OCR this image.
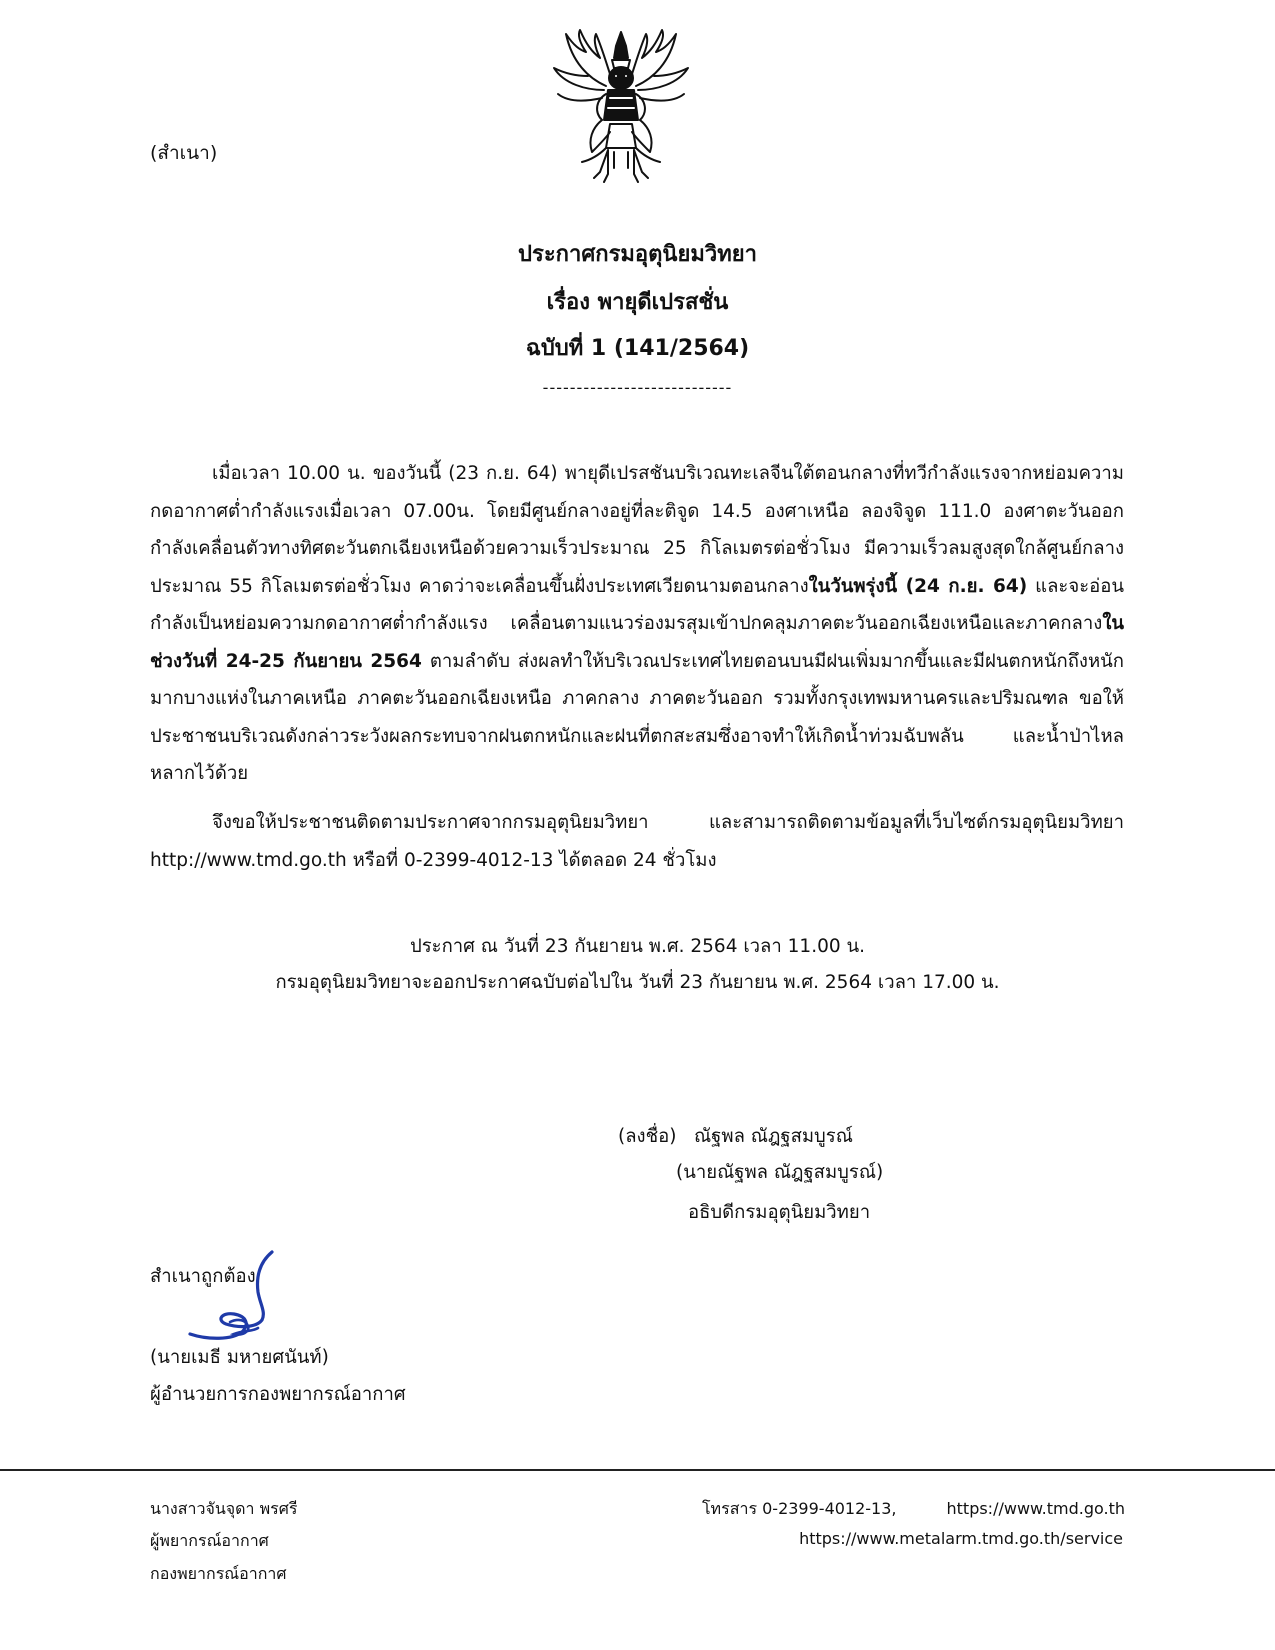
(สำเนา)
ประกาศกรมอุตุนิยมวิทยา
เรื่อง พายุดีเปรสชั่น
ฉบับที่ 1 (141/2564)
----------------------------

เมื่อเวลา 10.00 น. ของวันนี้ (23 ก.ย. 64) พายุดีเปรสชันบริเวณทะเลจีนใต้ตอนกลางที่ทวีกำลังแรงจากหย่อมความกดอากาศต่ำกำลังแรงเมื่อเวลา 07.00น. โดยมีศูนย์กลางอยู่ที่ละติจูด 14.5 องศาเหนือ ลองจิจูด 111.0 องศาตะวันออก กำลังเคลื่อนตัวทางทิศตะวันตกเฉียงเหนือด้วยความเร็วประมาณ 25 กิโลเมตรต่อชั่วโมง มีความเร็วลมสูงสุดใกล้ศูนย์กลางประมาณ 55 กิโลเมตรต่อชั่วโมง คาดว่าจะเคลื่อนขึ้นฝั่งประเทศเวียดนามตอนกลางในวันพรุ่งนี้ (24 ก.ย. 64) และจะอ่อนกำลังเป็นหย่อมความกดอากาศต่ำกำลังแรง เคลื่อนตามแนวร่องมรสุมเข้าปกคลุมภาคตะวันออกเฉียงเหนือและภาคกลางในช่วงวันที่ 24-25 กันยายน 2564 ตามลำดับ ส่งผลทำให้บริเวณประเทศไทยตอนบนมีฝนเพิ่มมากขึ้นและมีฝนตกหนักถึงหนักมากบางแห่งในภาคเหนือ ภาคตะวันออกเฉียงเหนือ ภาคกลาง ภาคตะวันออก รวมทั้งกรุงเทพมหานครและปริมณฑล ขอให้ประชาชนบริเวณดังกล่าวระวังผลกระทบจากฝนตกหนักและฝนที่ตกสะสมซึ่งอาจทำให้เกิดน้ำท่วมฉับพลัน และน้ำป่าไหลหลากไว้ด้วย

จึงขอให้ประชาชนติดตามประกาศจากกรมอุตุนิยมวิทยา และสามารถติดตามข้อมูลที่เว็บไซต์กรมอุตุนิยมวิทยา http://www.tmd.go.th หรือที่ 0-2399-4012-13 ได้ตลอด 24 ชั่วโมง

ประกาศ ณ วันที่ 23 กันยายน พ.ศ. 2564 เวลา 11.00 น.
กรมอุตุนิยมวิทยาจะออกประกาศฉบับต่อไปใน วันที่ 23 กันยายน พ.ศ. 2564 เวลา 17.00 น.
(ลงชื่อ) ณัฐพล ณัฎฐสมบูรณ์
(นายณัฐพล ณัฎฐสมบูรณ์)
อธิบดีกรมอุตุนิยมวิทยา
สำเนาถูกต้อง
(นายเมธี มหายศนันท์)
ผู้อำนวยการกองพยากรณ์อากาศ
นางสาวจันจุดา พรศรี
ผู้พยากรณ์อากาศ
กองพยากรณ์อากาศ
โทรสาร 0-2399-4012-13,	https://www.tmd.go.th
https://www.metalarm.tmd.go.th/service
